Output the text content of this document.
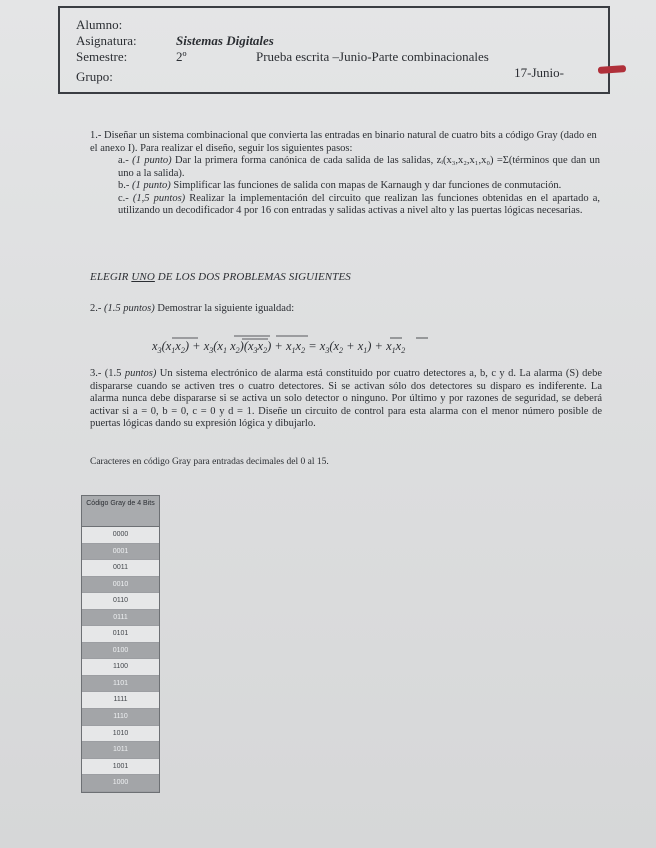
Alumno:
Asignatura:	Sistemas Digitales
Semestre:	2º	Prueba escrita –Junio-Parte combinacionales
Grupo:	17-Junio-
1.- Diseñar un sistema combinacional que convierta las entradas en binario natural de cuatro bits a código Gray (dado en el anexo I). Para realizar el diseño, seguir los siguientes pasos:
a.- (1 punto) Dar la primera forma canónica de cada salida de las salidas, zᵢ(x₃,x₂,x₁,x₀) =Σ(términos que dan un uno a la salida).
b.- (1 punto) Simplificar las funciones de salida con mapas de Karnaugh y dar funciones de conmutación.
c.- (1,5 puntos) Realizar la implementación del circuito que realizan las funciones obtenidas en el apartado a, utilizando un decodificador 4 por 16 con entradas y salidas activas a nivel alto y las puertas lógicas necesarias.
ELEGIR UNO DE LOS DOS PROBLEMAS SIGUIENTES
2.- (1.5 puntos) Demostrar la siguiente igualdad:
$x_3(x_1x_2) + x_3(x_1$ $x_2)(x_3x_2) + x_1x_2 = x_3(x_2 + x_1) + x_1x_2$
3.- (1.5 puntos) Un sistema electrónico de alarma está constituido por cuatro detectores a, b, c y d. La alarma (S) debe dispararse cuando se activen tres o cuatro detectores. Si se activan sólo dos detectores su disparo es indiferente. La alarma nunca debe dispararse si se activa un solo detector o ninguno. Por último y por razones de seguridad, se deberá activar si a = 0, b = 0, c = 0 y d = 1. Diseñe un circuito de control para esta alarma con el menor número posible de puertas lógicas dando su expresión lógica y dibujarlo.
Caracteres en código Gray para entradas decimales del 0 al 15.
Código Gray de 4 Bits
0000
0001
0011
0010
0110
0111
0101
0100
1100
1101
1111
1110
1010
1011
1001
1000
